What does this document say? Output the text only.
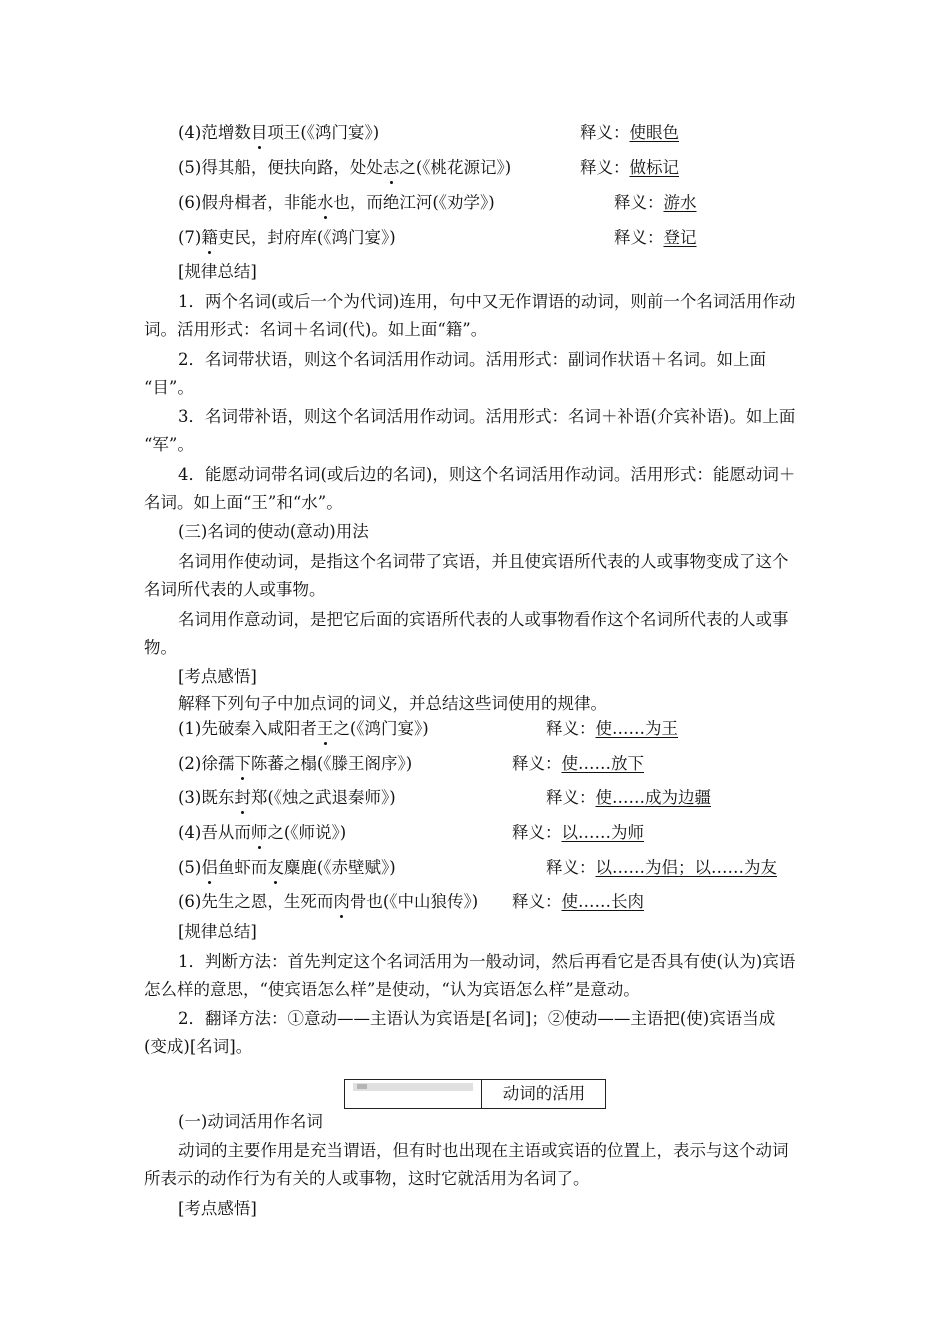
(4)范增数目项王(《鸿门宴》)	释义：使眼色
(5)得其船，便扶向路，处处志之(《桃花源记》)	释义：做标记
(6)假舟楫者，非能水也，而绝江河(《劝学》)	释义：游水
(7)籍吏民，封府库(《鸿门宴》)	释义：登记
[规律总结]
1．两个名词(或后一个为代词)连用，句中又无作谓语的动词，则前一个名词活用作动
词。活用形式：名词＋名词(代)。如上面“籍”。
2．名词带状语，则这个名词活用作动词。活用形式：副词作状语＋名词。如上面
“目”。
3．名词带补语，则这个名词活用作动词。活用形式：名词＋补语(介宾补语)。如上面
“军”。
4．能愿动词带名词(或后边的名词)，则这个名词活用作动词。活用形式：能愿动词＋
名词。如上面“王”和“水”。
(三)名词的使动(意动)用法
名词用作使动词，是指这个名词带了宾语，并且使宾语所代表的人或事物变成了这个
名词所代表的人或事物。
名词用作意动词，是把它后面的宾语所代表的人或事物看作这个名词所代表的人或事
物。
[考点感悟]
解释下列句子中加点词的词义，并总结这些词使用的规律。
(1)先破秦入咸阳者王之(《鸿门宴》)	释义：使……为王
(2)徐孺下陈蕃之榻(《滕王阁序》)	释义：使……放下
(3)既东封郑(《烛之武退秦师》)	释义：使……成为边疆
(4)吾从而师之(《师说》)	释义：以……为师
(5)侣鱼虾而友麋鹿(《赤壁赋》)	释义：以……为侣；以……为友
(6)先生之恩，生死而肉骨也(《中山狼传》) 释义：使……长肉
[规律总结]
1．判断方法：首先判定这个名词活用为一般动词，然后再看它是否具有使(认为)宾语
怎么样的意思，“使宾语怎么样”是使动，“认为宾语怎么样”是意动。
2．翻译方法：①意动——主语认为宾语是[名词]；②使动——主语把(使)宾语当成
(变成)[名词]。
动词的活用
(一)动词活用作名词
动词的主要作用是充当谓语，但有时也出现在主语或宾语的位置上，表示与这个动词
所表示的动作行为有关的人或事物，这时它就活用为名词了。
[考点感悟]
